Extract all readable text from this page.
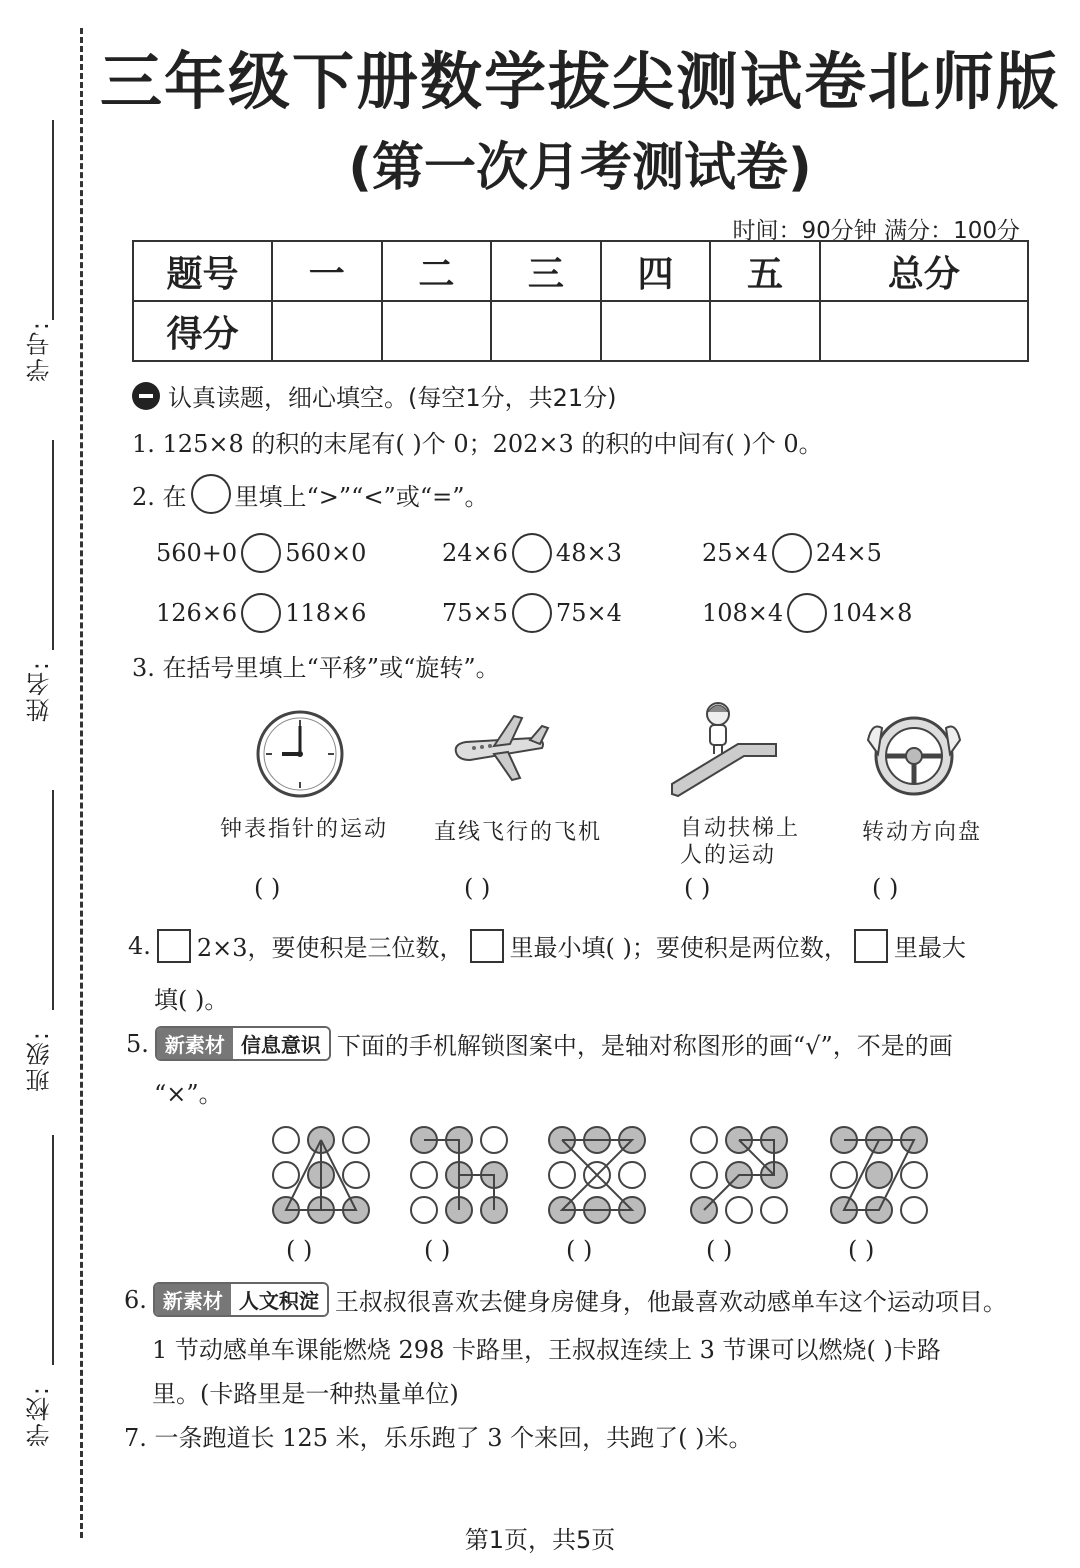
学号:
姓名:
班级:
学校:
三年级下册数学拔尖测试卷北师版
(第一次月考测试卷)
时间：90分钟 满分：100分
题号	一	二	三	四	五	总分
得分						
认真读题，细心填空。(每空1分，共21分)
1. 125×8 的积的末尾有( )个 0；202×3 的积的中间有( )个 0。
2. 在 里填上“>”“<”或“=”。
560+0 560×0	24×6 48×3	25×4 24×5
126×6 118×6	75×5 75×4	108×4 104×8
3. 在括号里填上“平移”或“旋转”。
钟表指针的运动 直线飞行的飞机	自动扶梯上
人的运动
转动方向盘
( )	( )	( )	( )
4. 2×3，要使积是三位数， 里最小填( )；要使积是两位数， 里最大
填( )。
5. 新素材 信息意识 下面的手机解锁图案中，是轴对称图形的画“√”，不是的画
“×”。
( )	( )	( )	( )	( )
6. 新素材 人文积淀 王叔叔很喜欢去健身房健身，他最喜欢动感单车这个运动项目。
1 节动感单车课能燃烧 298 卡路里，王叔叔连续上 3 节课可以燃烧( )卡路
里。(卡路里是一种热量单位)
7. 一条跑道长 125 米，乐乐跑了 3 个来回，共跑了( )米。
第1页，共5页
